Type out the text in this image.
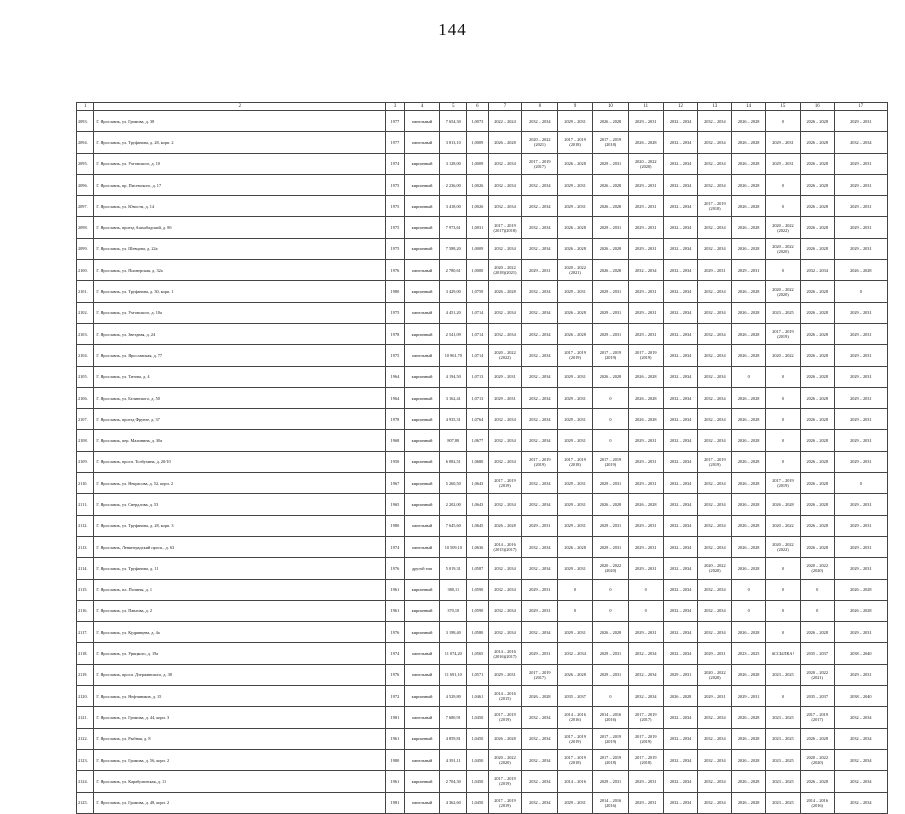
144
1	2	3	4	5	6	7	8	9	10	11	12	13	14	15	16	17
2093.	Г. Ярославль, ул. Громова, д. 38	1977	панельный	7 654,30	1,0073	2022 – 2024	2032 – 2034	2029 – 2031	2026 – 2028	2029 – 2031	2032 – 2034	2032 – 2034	2026 – 2028	0	2026 – 2028	2029 – 2031
2094.	Г. Ярославль, ул. Труфанова, д. 28, корп. 2	1977	панельный	3 813,10	1,0009	2026 – 2028	2020 – 2022 (2021)	2017 – 2019 (2018)	2017 – 2019 (2018)	2026 – 2028	2032 – 2034	2032 – 2034	2026 – 2028	2029 – 2031	2026 – 2028	2032 – 2034
2095.	Г. Ярославль, ул. Ухтомского, д. 10	1974	кирпичный	3 128,00	1,0009	2032 – 2034	2017 – 2019 (2017)	2026 – 2028	2029 – 2031	2020 – 2022 (2020)	2032 – 2034	2032 – 2034	2026 – 2028	2029 – 2031	2026 – 2028	2029 – 2031
2096.	Г. Ярославль, пр. Писемского, д. 17	1975	кирпичный	2 236,00	1,0026	2032 – 2034	2032 – 2034	2029 – 2031	2026 – 2028	2029 – 2031	2032 – 2034	2032 – 2034	2026 – 2028	0	2026 – 2028	2029 – 2031
2097.	Г. Ярославль, ул. Юности, д. 14	1975	кирпичный	3 418,00	1,0026	2032 – 2034	2032 – 2034	2029 – 2031	2026 – 2028	2029 – 2031	2032 – 2034	2017 – 2019 (2018)	2026 – 2028	0	2026 – 2028	2029 – 2031
2098.	Г. Ярославль, проезд Ашхабадский, д. 8б	1975	кирпичный	7 973,61	1,0031	2017 – 2019 (2017)(2018)	2032 – 2034	2026 – 2028	2029 – 2031	2029 – 2031	2032 – 2034	2032 – 2034	2026 – 2028	2020 – 2022 (2022)	2026 – 2028	2029 – 2031
2099.	Г. Ярославль, ул. Шевцова, д. 22а	1975	кирпичный	7 588,20	1,0009	2032 – 2034	2032 – 2034	2026 – 2028	2026 – 2028	2029 – 2031	2032 – 2034	2032 – 2034	2026 – 2028	2020 – 2022 (2020)	2026 – 2028	2029 – 2031
2100.	Г. Ярославль, ул. Пионерская, д. 32а	1976	панельный	2 780,61	1,0000	2020 – 2022 (2018)(2021)	2029 – 2031	2020 – 2022 (2021)	2026 – 2028	2032 – 2034	2032 – 2034	2029 – 2031	2029 – 2031	0	2032 – 2034	2026 – 2028
2101.	Г. Ярославль, ул. Труфанова, д. 30, корп. 1	1980	кирпичный	3 429,00	1,0759	2026 – 2028	2032 – 2034	2029 – 2031	2029 – 2031	2029 – 2031	2032 – 2034	2032 – 2034	2026 – 2028	2020 – 2022 (2020)	2026 – 2028	0
2102.	Г. Ярославль, ул. Ухтомского, д. 10а	1975	панельный	4 451,20	1,0714	2032 – 2034	2032 – 2034	2026 – 2028	2029 – 2031	2029 – 2031	2032 – 2034	2032 – 2034	2026 – 2028	2023 – 2025	2026 – 2028	2029 – 2031
2103.	Г. Ярославль, ул. Звездная, д. 24	1978	кирпичный	2 541,09	1,0714	2032 – 2034	2032 – 2034	2026 – 2028	2029 – 2031	2029 – 2031	2032 – 2034	2032 – 2034	2026 – 2028	2017 – 2019 (2019)	2026 – 2028	2029 – 2031
2104.	Г. Ярославль, ул. Ярославская, д. 77	1975	панельный	10 961,70	1,0714	2020 – 2022 (2022)	2032 – 2034	2017 – 2019 (2019)	2017 – 2019 (2019)	2017 – 2019 (2019)	2032 – 2034	2032 – 2034	2026 – 2028	2020 – 2022	2026 – 2028	2029 – 2031
2105.	Г. Ярославль, ул. Титова, д. 4	1964	кирпичный	4 194,50	1,0713	2029 – 2031	2032 – 2034	2029 – 2031	2026 – 2028	2026 – 2028	2032 – 2034	2032 – 2034	0	0	2026 – 2028	2029 – 2031
2106.	Г. Ярославль, ул. Белинского, д. 50	1964	кирпичный	3 162,41	1,0713	2029 – 2031	2032 – 2034	2029 – 2031	0	2026 – 2028	2032 – 2034	2032 – 2034	2026 – 2028	0	2026 – 2028	2029 – 2031
2107.	Г. Ярославль, проезд Фрунзе, д. 37	1978	кирпичный	4 935,31	1,0764	2032 – 2034	2032 – 2034	2029 – 2031	0	2026 – 2028	2032 – 2034	2032 – 2034	2026 – 2028	0	2026 – 2028	2029 – 2031
2108.	Г. Ярославль, пер. Малинина, д. 30а	1968	кирпичный	807,80	1,0677	2032 – 2034	2032 – 2034	2029 – 2031	0	2029 – 2031	2032 – 2034	2032 – 2034	2026 – 2028	0	2026 – 2028	2029 – 2031
2109.	Г. Ярославль, просп. Толбухина, д. 20/10	1950	кирпичный	6 082,51	1,0680	2032 – 2034	2017 – 2019 (2019)	2017 – 2019 (2018)	2017 – 2019 (2019)	2029 – 2031	2032 – 2034	2017 – 2019 (2019)	2026 – 2028	0	2026 – 2028	2029 – 2031
2110.	Г. Ярославль, ул. Некрасова, д. 52, корп. 2	1967	кирпичный	5 260,50	1,0643	2017 – 2019 (2019)	2032 – 2034	2029 – 2031	2029 – 2031	2029 – 2031	2032 – 2034	2032 – 2034	2026 – 2028	2017 – 2019 (2019)	2026 – 2028	0
2111.	Г. Ярославль, ул. Свердлова, д. 53	1965	кирпичный	2 202,00	1,0643	2032 – 2034	2032 – 2034	2029 – 2031	2026 – 2028	2026 – 2028	2032 – 2034	2032 – 2034	2026 – 2028	2026 – 2028	2026 – 2028	2029 – 2031
2112.	Г. Ярославль, ул. Труфанова, д. 28, корп. 3	1980	панельный	7 645,60	1,0645	2026 – 2028	2029 – 2031	2029 – 2031	2029 – 2031	2029 – 2031	2032 – 2034	2032 – 2034	2026 – 2028	2020 – 2022	2026 – 2028	2029 – 2031
2113.	Г. Ярославль, Ленинградский просп., д. 63	1974	панельный	10 509,10	1,0636	2014 – 2016 (2015)(2017)	2032 – 2034	2026 – 2028	2029 – 2031	2029 – 2031	2032 – 2034	2032 – 2034	2026 – 2028	2020 – 2022 (2022)	2026 – 2028	2029 – 2031
2114.	Г. Ярославль, ул. Труфанова, д. 11	1976	другой тип	5 019,31	1,0587	2032 – 2034	2032 – 2034	2029 – 2031	2020 – 2022 (2020)	2029 – 2031	2032 – 2034	2020 – 2022 (2020)	2026 – 2028	0	2020 – 2022 (2020)	2029 – 2031
2115.	Г. Ярославль, пл. Полины, д. 1	1961	кирпичный	380,11	1,0590	2032 – 2034	2029 – 2031	0	0	0	2032 – 2034	2032 – 2034	0	0	0	2026 – 2028
2116.	Г. Ярославль, ул. Павлова, д. 2	1961	кирпичный	370,10	1,0590	2032 – 2034	2029 – 2031	0	0	0	2032 – 2034	2032 – 2034	0	0	0	2026 – 2028
2117.	Г. Ярославль, ул. Кудрявцева, д. 4а	1976	кирпичный	3 198,40	1,0580	2032 – 2034	2032 – 2034	2029 – 2031	2026 – 2028	2029 – 2031	2032 – 2034	2032 – 2034	2026 – 2028	0	2026 – 2028	2029 – 2031
2118.	Г. Ярославль, ул. Урицкого, д. 19а	1974	панельный	11 074,20	1,0565	2014 – 2016 (2016)(2017)	2029 – 2031	2032 – 2034	2029 – 2031	2032 – 2034	2032 – 2034	2029 – 2031	2023 – 2025	#ССЫЛКА!	2035 – 2037	2038 – 2040
2119.	Г. Ярославль, просп. Дзержинского, д. 38	1976	панельный	11 691,10	1,0571	2029 – 2031	2017 – 2019 (2017)	2026 – 2028	2029 – 2031	2032 – 2034	2029 – 2031	2020 – 2022 (2020)	2026 – 2028	2023 – 2025	2020 – 2022 (2021)	2029 – 2031
2120.	Г. Ярославль, ул. Нефтяников, д. 15	1972	кирпичный	4 529,80	1,0461	2014 – 2016 (2015)	2026 – 2028	2035 – 2037	0	2032 – 2034	2026 – 2028	2029 – 2031	2029 – 2031	0	2035 – 2037	2038 – 2040
2121.	Г. Ярославль, ул. Громова, д. 44, корп. 3	1981	панельный	7 680,91	1,0450	2017 – 2019 (2019)	2032 – 2034	2014 – 2016 (2016)	2014 – 2016 (2016)	2017 – 2019 (2017)	2032 – 2034	2032 – 2034	2026 – 2028	2023 – 2025	2017 – 2019 (2017)	2032 – 2034
2122.	Г. Ярославль, ул. Рыбная, д. 8	1961	кирпичный	4 859,81	1,0450	2026 – 2028	2032 – 2034	2017 – 2019 (2019)	2017 – 2019 (2019)	2017 – 2019 (2019)	2032 – 2034	2032 – 2034	2026 – 2028	2023 – 2025	2026 – 2028	2032 – 2034
2123.	Г. Ярославль, ул. Громова, д. 56, корп. 2	1980	панельный	4 391,11	1,0450	2020 – 2022 (2020)	2032 – 2034	2017 – 2019 (2018)	2017 – 2019 (2018)	2017 – 2019 (2018)	2032 – 2034	2032 – 2034	2026 – 2028	2023 – 2025	2020 – 2022 (2020)	2032 – 2034
2124.	Г. Ярославль, ул. Карабулинская, д. 11	1961	кирпичный	2 704,30	1,0450	2017 – 2019 (2019)	2032 – 2034	2014 – 2016	2029 – 2031	2029 – 2031	2032 – 2034	2032 – 2034	2026 – 2028	2023 – 2025	2026 – 2028	2032 – 2034
2125.	Г. Ярославль, ул. Громова, д. 48, корп. 2	1981	панельный	4 362,60	1,0450	2017 – 2019 (2019)	2032 – 2034	2029 – 2031	2014 – 2016 (2016)	2029 – 2031	2032 – 2034	2032 – 2034	2026 – 2028	2023 – 2025	2014 – 2016 (2016)	2032 – 2034
